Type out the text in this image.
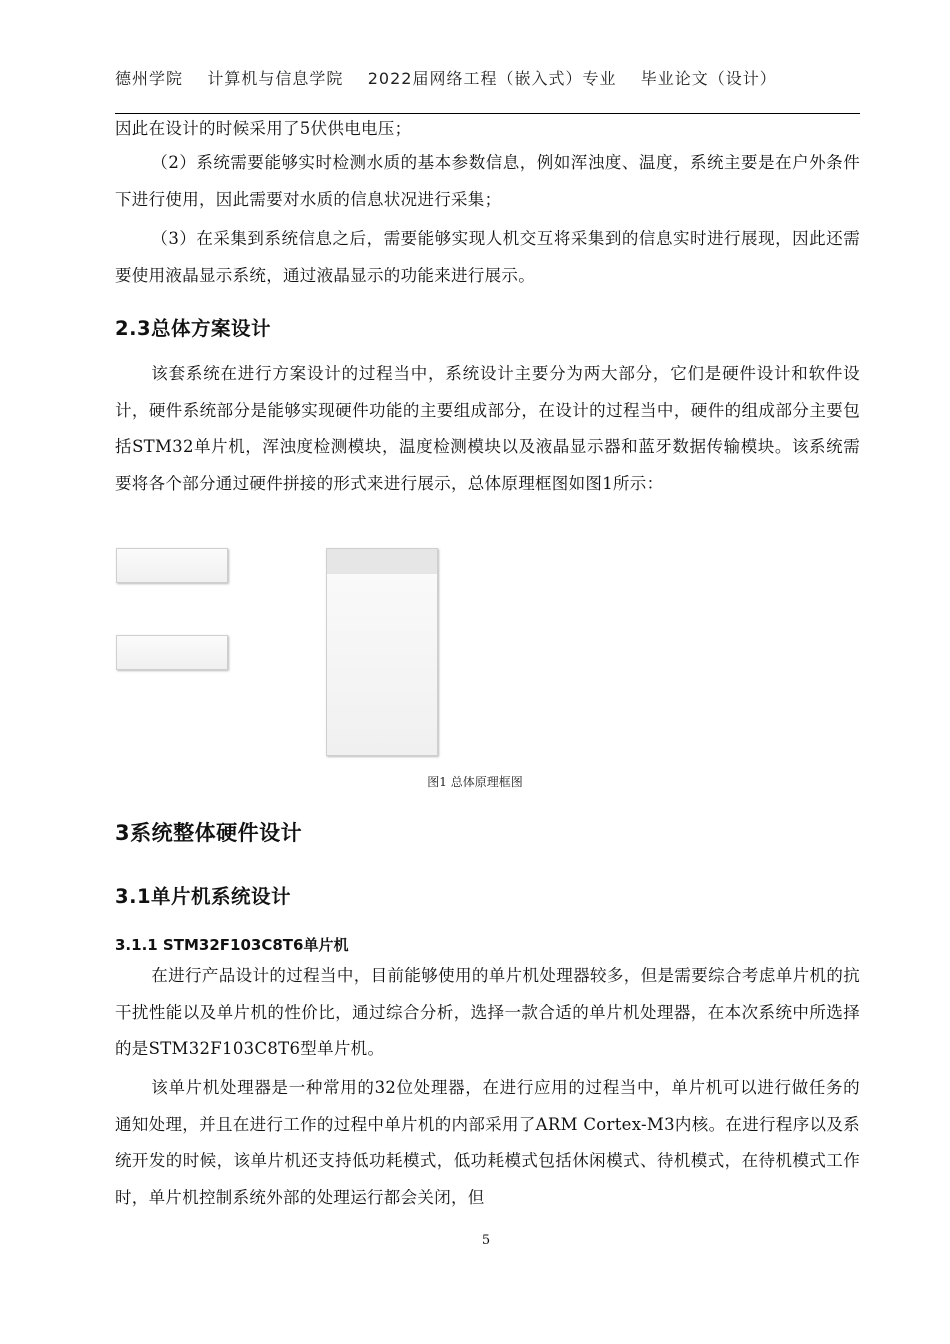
德州学院 计算机与信息学院 2022届网络工程（嵌入式）专业 毕业论文（设计）

因此在设计的时候采用了5伏供电电压；

（2）系统需要能够实时检测水质的基本参数信息，例如浑浊度、温度，系统主要是在户外条件下进行使用，因此需要对水质的信息状况进行采集；

（3）在采集到系统信息之后，需要能够实现人机交互将采集到的信息实时进行展现，因此还需要使用液晶显示系统，通过液晶显示的功能来进行展示。

2.3总体方案设计

该套系统在进行方案设计的过程当中，系统设计主要分为两大部分，它们是硬件设计和软件设计，硬件系统部分是能够实现硬件功能的主要组成部分，在设计的过程当中，硬件的组成部分主要包括STM32单片机，浑浊度检测模块，温度检测模块以及液晶显示器和蓝牙数据传输模块。该系统需要将各个部分通过硬件拼接的形式来进行展示，总体原理框图如图1所示：

图1 总体原理框图
3系统整体硬件设计
3.1单片机系统设计
3.1.1 STM32F103C8T6单片机

在进行产品设计的过程当中，目前能够使用的单片机处理器较多，但是需要综合考虑单片机的抗干扰性能以及单片机的性价比，通过综合分析，选择一款合适的单片机处理器，在本次系统中所选择的是STM32F103C8T6型单片机。

该单片机处理器是一种常用的32位处理器，在进行应用的过程当中，单片机可以进行做任务的通知处理，并且在进行工作的过程中单片机的内部采用了ARM Cortex-M3内核。在进行程序以及系统开发的时候，该单片机还支持低功耗模式，低功耗模式包括休闲模式、待机模式，在待机模式工作时，单片机控制系统外部的处理运行都会关闭，但

5
